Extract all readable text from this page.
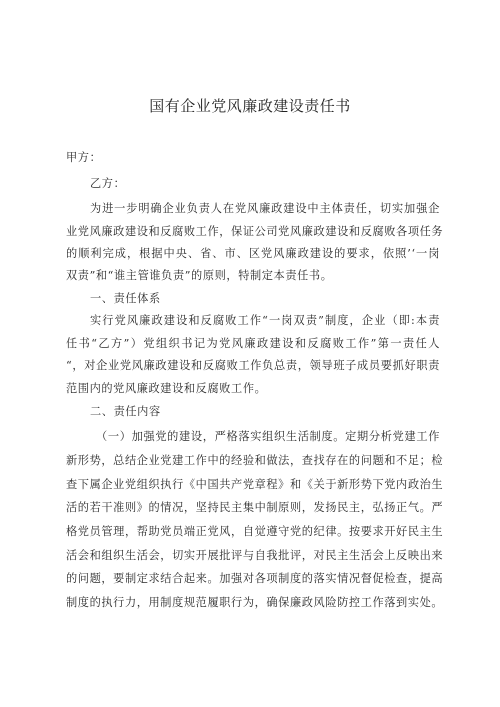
国有企业党风廉政建设责任书
甲方：
乙方：
为进一步明确企业负责人在党风廉政建设中主体责任，切实加强企
业党风廉政建设和反腐败工作，保证公司党风廉政建设和反腐败各项任务
的顺利完成，根据中央、省、市、区党风廉政建设的要求，依照’‘一岗
双责”和“谁主管谁负责”的原则，特制定本责任书。
一、责任体系
实行党风廉政建设和反腐败工作“一岗双责”制度，企业（即:本责
任书“乙方”）党组织书记为党风廉政建设和反腐败工作”第一责任人
“，对企业党风廉政建设和反腐败工作负总责，领导班子成员要抓好职责
范围内的党风廉政建设和反腐败工作。
二、责任内容
（一）加强党的建设，严格落实组织生活制度。定期分析党建工作
新形势，总结企业党建工作中的经验和做法，查找存在的问题和不足；检
查下属企业党组织执行《中国共产党章程》和《关于新形势下党内政治生
活的若干准则》的情况，坚持民主集中制原则，发扬民主，弘扬正气。严
格党员管理，帮助党员端正党风，自觉遵守党的纪律。按要求开好民主生
活会和组织生活会，切实开展批评与自我批评，对民主生活会上反映出来
的问题，要制定求结合起来。加强对各项制度的落实情况督促检查，提高
制度的执行力，用制度规范履职行为，确保廉政风险防控工作落到实处。
